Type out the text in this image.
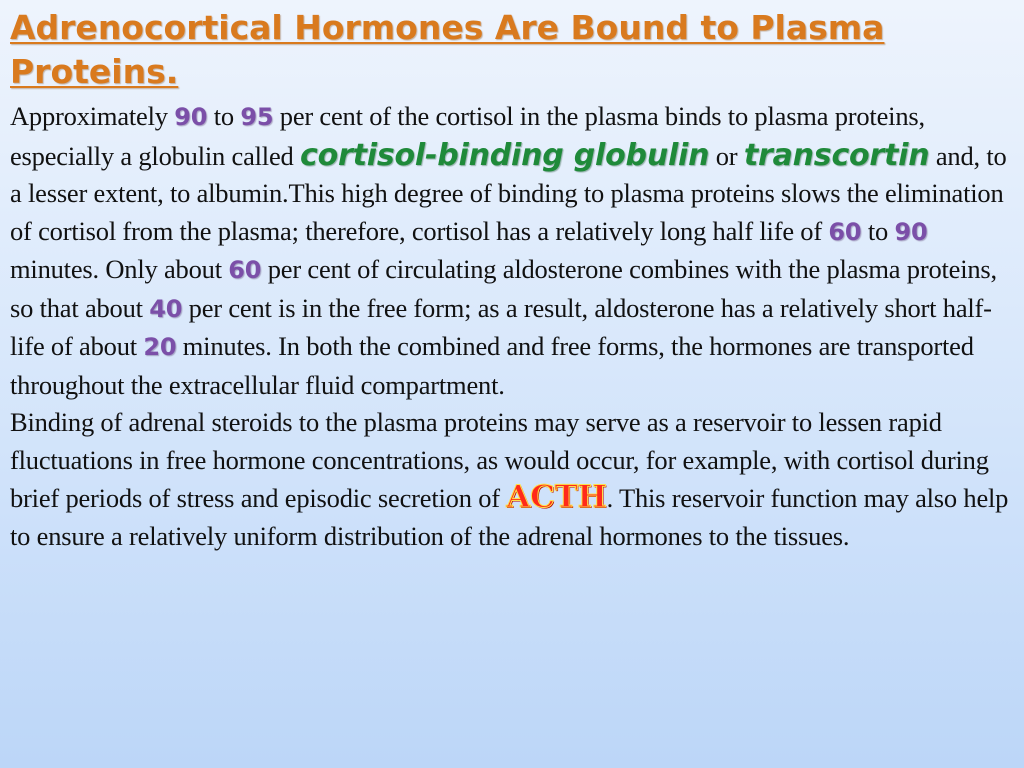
Adrenocortical Hormones Are Bound to Plasma Proteins.

Approximately 90 to 95 per cent of the cortisol in the plasma binds to plasma proteins, especially a globulin called cortisol-binding globulin or transcortin and, to a lesser extent, to albumin.This high degree of binding to plasma proteins slows the elimination of cortisol from the plasma; therefore, cortisol has a relatively long half life of 60 to 90 minutes. Only about 60 per cent of circulating aldosterone combines with the plasma proteins, so that about 40 per cent is in the free form; as a result, aldosterone has a relatively short half-life of about 20 minutes. In both the combined and free forms, the hormones are transported throughout the extracellular fluid compartment.

Binding of adrenal steroids to the plasma proteins may serve as a reservoir to lessen rapid fluctuations in free hormone concentrations, as would occur, for example, with cortisol during brief periods of stress and episodic secretion of ACTH. This reservoir function may also help to ensure a relatively uniform distribution of the adrenal hormones to the tissues.
